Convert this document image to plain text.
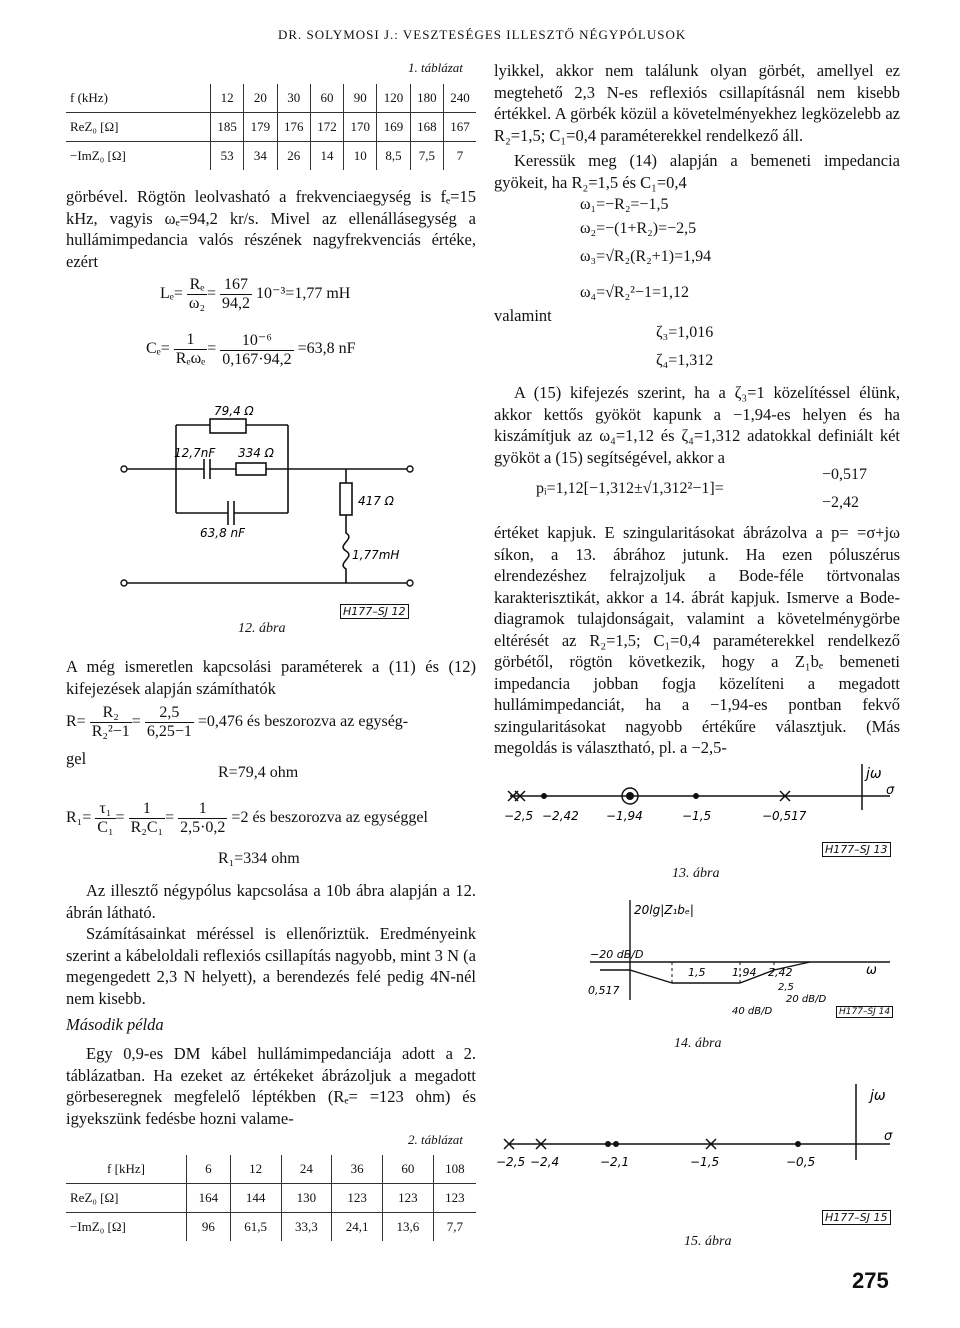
DR. SOLYMOSI J.: VESZTESÉGES ILLESZTŐ NÉGYPÓLUSOK
1. táblázat
f (kHz)	12	20	30	60	90	120	180	240
ReZ₀ [Ω]	185	179	176	172	170	169	168	167
−ImZ₀ [Ω]	53	34	26	14	10	8,5	7,5	7
görbével. Rögtön leolvasható a frekvenciaegység is fₑ=15 kHz, vagyis ωₑ=94,2 kr/s. Mivel az ellenállásegység a hullámimpedancia valós részének nagyfrekvenciás értéke, ezért
$L_e= \frac{\text{Rₑ}}{\text{ω₂}} = \frac{167}{94,2} 10^{-3}=1,77$ mH
$C_e= \frac{1}{\text{Rₑωₑ}} = \frac{\text{10⁻⁶}}{0,167\cdot 94,2} =63,8$ nF
79,4 Ω
12,7nF 334 Ω
417 Ω
63,8 nF
1,77mH
H177–SJ 12
12. ábra
A még ismeretlen kapcsolási paraméterek a (11) és (12) kifejezések alapján számíthatók
$R= \frac{\text{R₂}}{\text{R₂²−1}} = \frac{2,5}{6,25-1} =0,476$ és beszorozva az egység-
gel
R=79,4 ohm
$R_1= \frac{\text{τ₁}}{\text{C₁}} = \frac{1}{\text{R₂C₁}} = \frac{1}{2,5\cdot 0,2} =2$ és beszorozva az egységgel
R₁=334 ohm
Az illesztő négypólus kapcsolása a 10b ábra alapján a 12. ábrán látható.
Számításainkat méréssel is ellenőriztük. Eredményeink szerint a kábeloldali reflexiós csillapítás nagyobb, mint 3 N (a megengedett 2,3 N helyett), a berendezés felé pedig 4N-nél nem kisebb.
Második példa
Egy 0,9-es DM kábel hullámimpedanciája adott a 2. táblázatban. Ha ezeket az értékeket ábrázoljuk a megadott görbeseregnek megfelelő léptékben (Rₑ= =123 ohm) és igyekszünk fedésbe hozni valame-
2. táblázat
f [kHz]	6	12	24	36	60	108
ReZ₀ [Ω]	164	144	130	123	123	123
−ImZ₀ [Ω]	96	61,5	33,3	24,1	13,6	7,7
lyikkel, akkor nem találunk olyan görbét, amellyel ez megtehető 2,3 N-es reflexiós csillapításnál nem kisebb értékkel. A görbék közül a követelményekhez legközelebb az R₂=1,5; C₁=0,4 paraméterekkel rendelkező áll.
Keressük meg (14) alapján a bemeneti impedancia gyökeit, ha R₂=1,5 és C₁=0,4
ω₁=−R₂=−1,5
ω₂=−(1+R₂)=−2,5
ω₃=√R₂(R₂+1)=1,94
valamint
ω₄=√R₂²−1=1,12
ζ₃=1,016
ζ₄=1,312
A (15) kifejezés szerint, ha a ζ₃=1 közelítéssel élünk, akkor kettős gyököt kapunk a −1,94-es helyen és ha kiszámítjuk az ω₄=1,12 és ζ₄=1,312 adatokkal definiált két gyököt a (15) segítségével, akkor a
pᵢ=1,12[−1,312±√1,312²−1]=
−0,517
−2,42
értéket kapjuk. E szingularitásokat ábrázolva a p= =σ+jω síkon, a 13. ábrához jutunk. Ha ezen póluszérus elrendezéshez felrajzoljuk a Bode-féle törtvonalas karakterisztikát, akkor a 14. ábrát kapjuk. Ismerve a Bode-diagramok tulajdonságait, valamint a követelménygörbe eltérését az R₂=1,5; C₁=0,4 paraméterekkel rendelkező görbétől, rögtön következik, hogy a Z₁bₑ bemeneti impedancia jobban fogja közelíteni a megadott hullámimpedanciát, ha a −1,94-es pontban fekvő szingularitásokat nagyobb értékűre választjuk. (Más megoldás is választható, pl. a −2,5-
jω
σ
−2,5 −2,42 −1,94	−1,5	−0,517
H177–SJ 13
13. ábra
20lg|Z₁bₑ|
−20 dB/D
0,517
1,5 1,94 2,42
2,5
20 dB/D
40 dB/D
ω
H177–SJ 14
14. ábra
jω
σ
−2,5 −2,4	−2,1	−1,5	−0,5
H177–SJ 15
15. ábra
275
